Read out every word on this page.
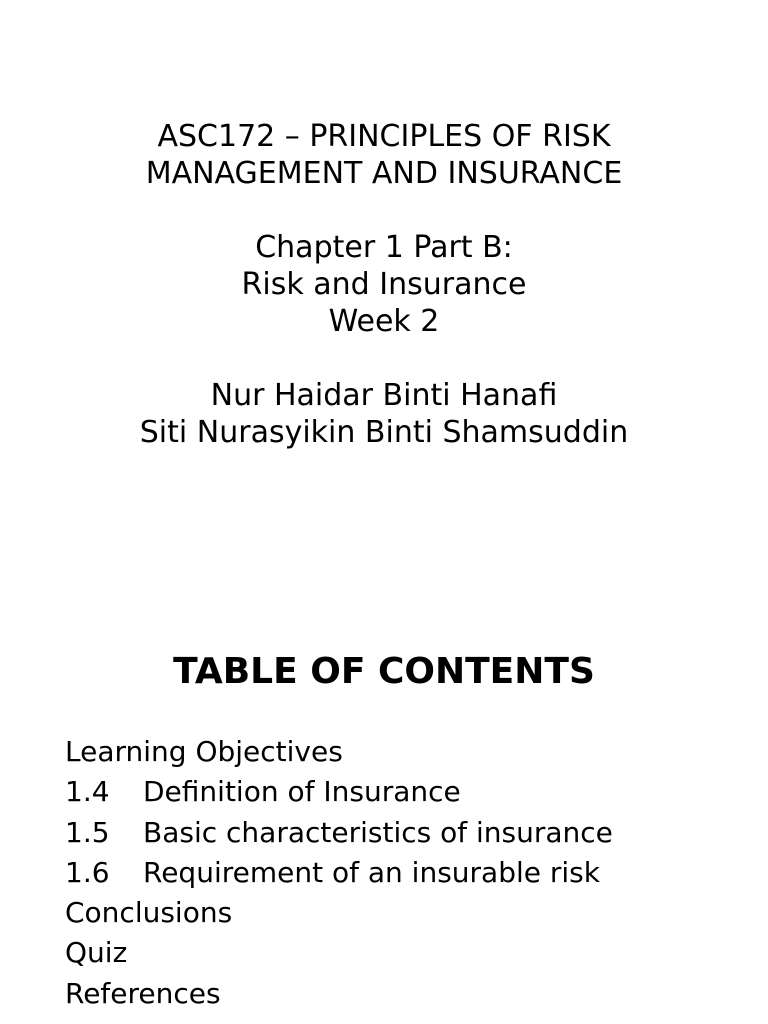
ASC172 – PRINCIPLES OF RISK

MANAGEMENT AND INSURANCE

Chapter 1 Part B:

Risk and Insurance

Week 2

Nur Haidar Binti Hanafi

Siti Nurasyikin Binti Shamsuddin

TABLE OF CONTENTS
Learning Objectives
1.4 Definition of Insurance
1.5 Basic characteristics of insurance
1.6 Requirement of an insurable risk
Conclusions
Quiz
References
